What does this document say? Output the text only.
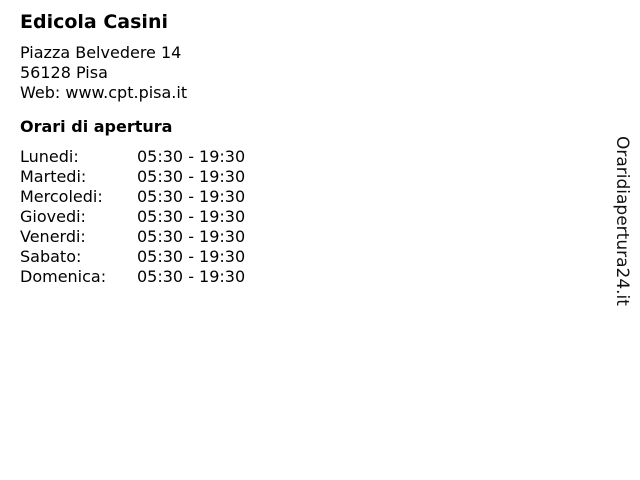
Edicola Casini
Piazza Belvedere 14
56128 Pisa
Web: www.cpt.pisa.it
Orari di apertura
Lunedi:	05:30 - 19:30
Martedi:	05:30 - 19:30
Mercoledi:	05:30 - 19:30
Giovedi:	05:30 - 19:30
Venerdi:	05:30 - 19:30
Sabato:	05:30 - 19:30
Domenica:	05:30 - 19:30	Oraridiapertura24.it
